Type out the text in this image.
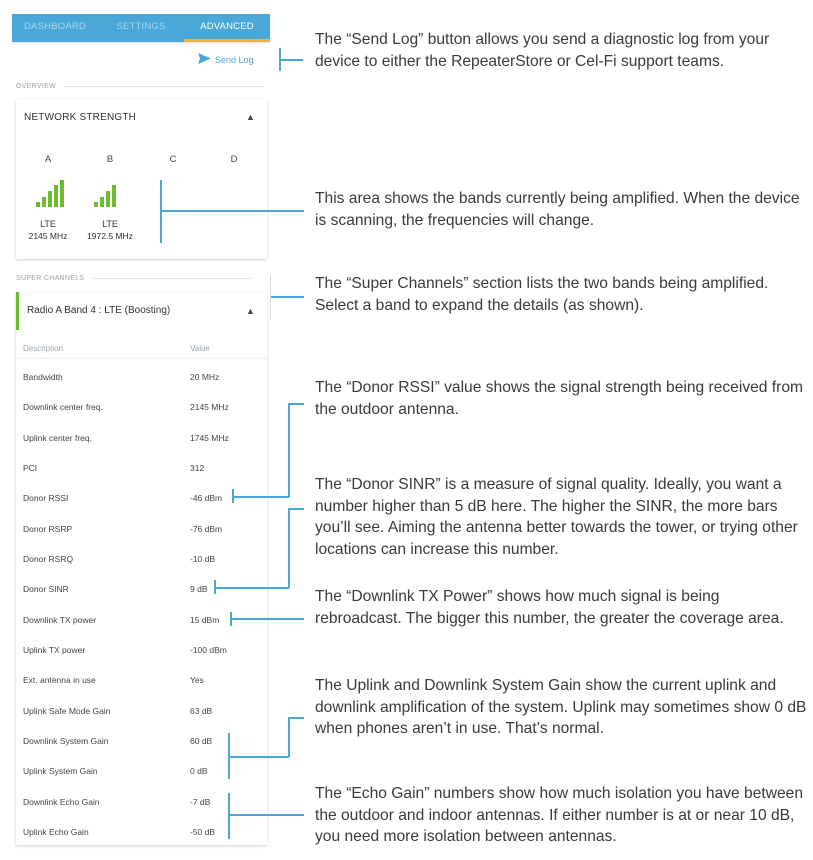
DASHBOARD	SETTINGS	ADVANCED
Send Log
OVERVIEW
NETWORK STRENGTH	▲
A
LTE
2145 MHz
B
LTE
1972.5 MHz
C	D
SUPER CHANNELS
Radio A Band 4 : LTE (Boosting)	▲
Description	Value
Bandwidth	20 MHz
Downlink center freq.	2145 MHz
Uplink center freq.	1745 MHz
PCI	312
Donor RSSI	-46 dBm
Donor RSRP	-76 dBm
Donor RSRQ	-10 dB
Donor SINR	9 dB
Downlink TX power	15 dBm
Uplink TX power	-100 dBm
Ext. antenna in use	Yes
Uplink Safe Mode Gain	63 dB
Downlink System Gain	60 dB
Uplink System Gain	0 dB
Downlink Echo Gain	-7 dB
Uplink Echo Gain	-50 dB
The “Send Log” button allows you send a diagnostic log from your device to either the RepeaterStore or Cel-Fi support teams.
This area shows the bands currently being amplified. When the device is scanning, the frequencies will change.
The “Super Channels” section lists the two bands being amplified. Select a band to expand the details (as shown).
The “Donor RSSI” value shows the signal strength being received from the outdoor antenna.
The “Donor SINR” is a measure of signal quality. Ideally, you want a number higher than 5 dB here. The higher the SINR, the more bars you’ll see. Aiming the antenna better towards the tower, or trying other locations can increase this number.
The “Downlink TX Power” shows how much signal is being rebroadcast. The bigger this number, the greater the coverage area.
The Uplink and Downlink System Gain show the current uplink and downlink amplification of the system. Uplink may sometimes show 0 dB when phones aren’t in use. That’s normal.
The “Echo Gain” numbers show how much isolation you have between the outdoor and indoor antennas. If either number is at or near 10 dB, you need more isolation between antennas.
